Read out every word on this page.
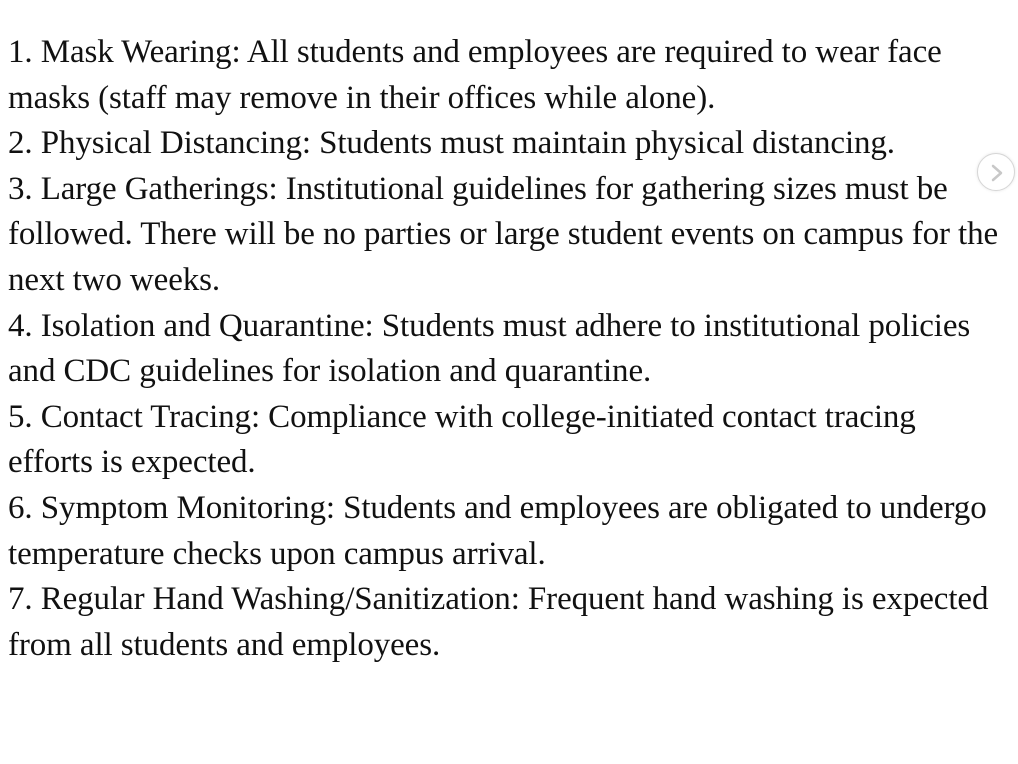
1. Mask Wearing: All students and employees are required to wear face masks (staff may remove in their offices while alone).
2. Physical Distancing: Students must maintain physical distancing.
3. Large Gatherings: Institutional guidelines for gathering sizes must be followed. There will be no parties or large student events on campus for the next two weeks.
4. Isolation and Quarantine: Students must adhere to institutional policies and CDC guidelines for isolation and quarantine.
5. Contact Tracing: Compliance with college-initiated contact tracing efforts is expected.
6. Symptom Monitoring: Students and employees are obligated to undergo temperature checks upon campus arrival.
7. Regular Hand Washing/Sanitization: Frequent hand washing is expected from all students and employees.
